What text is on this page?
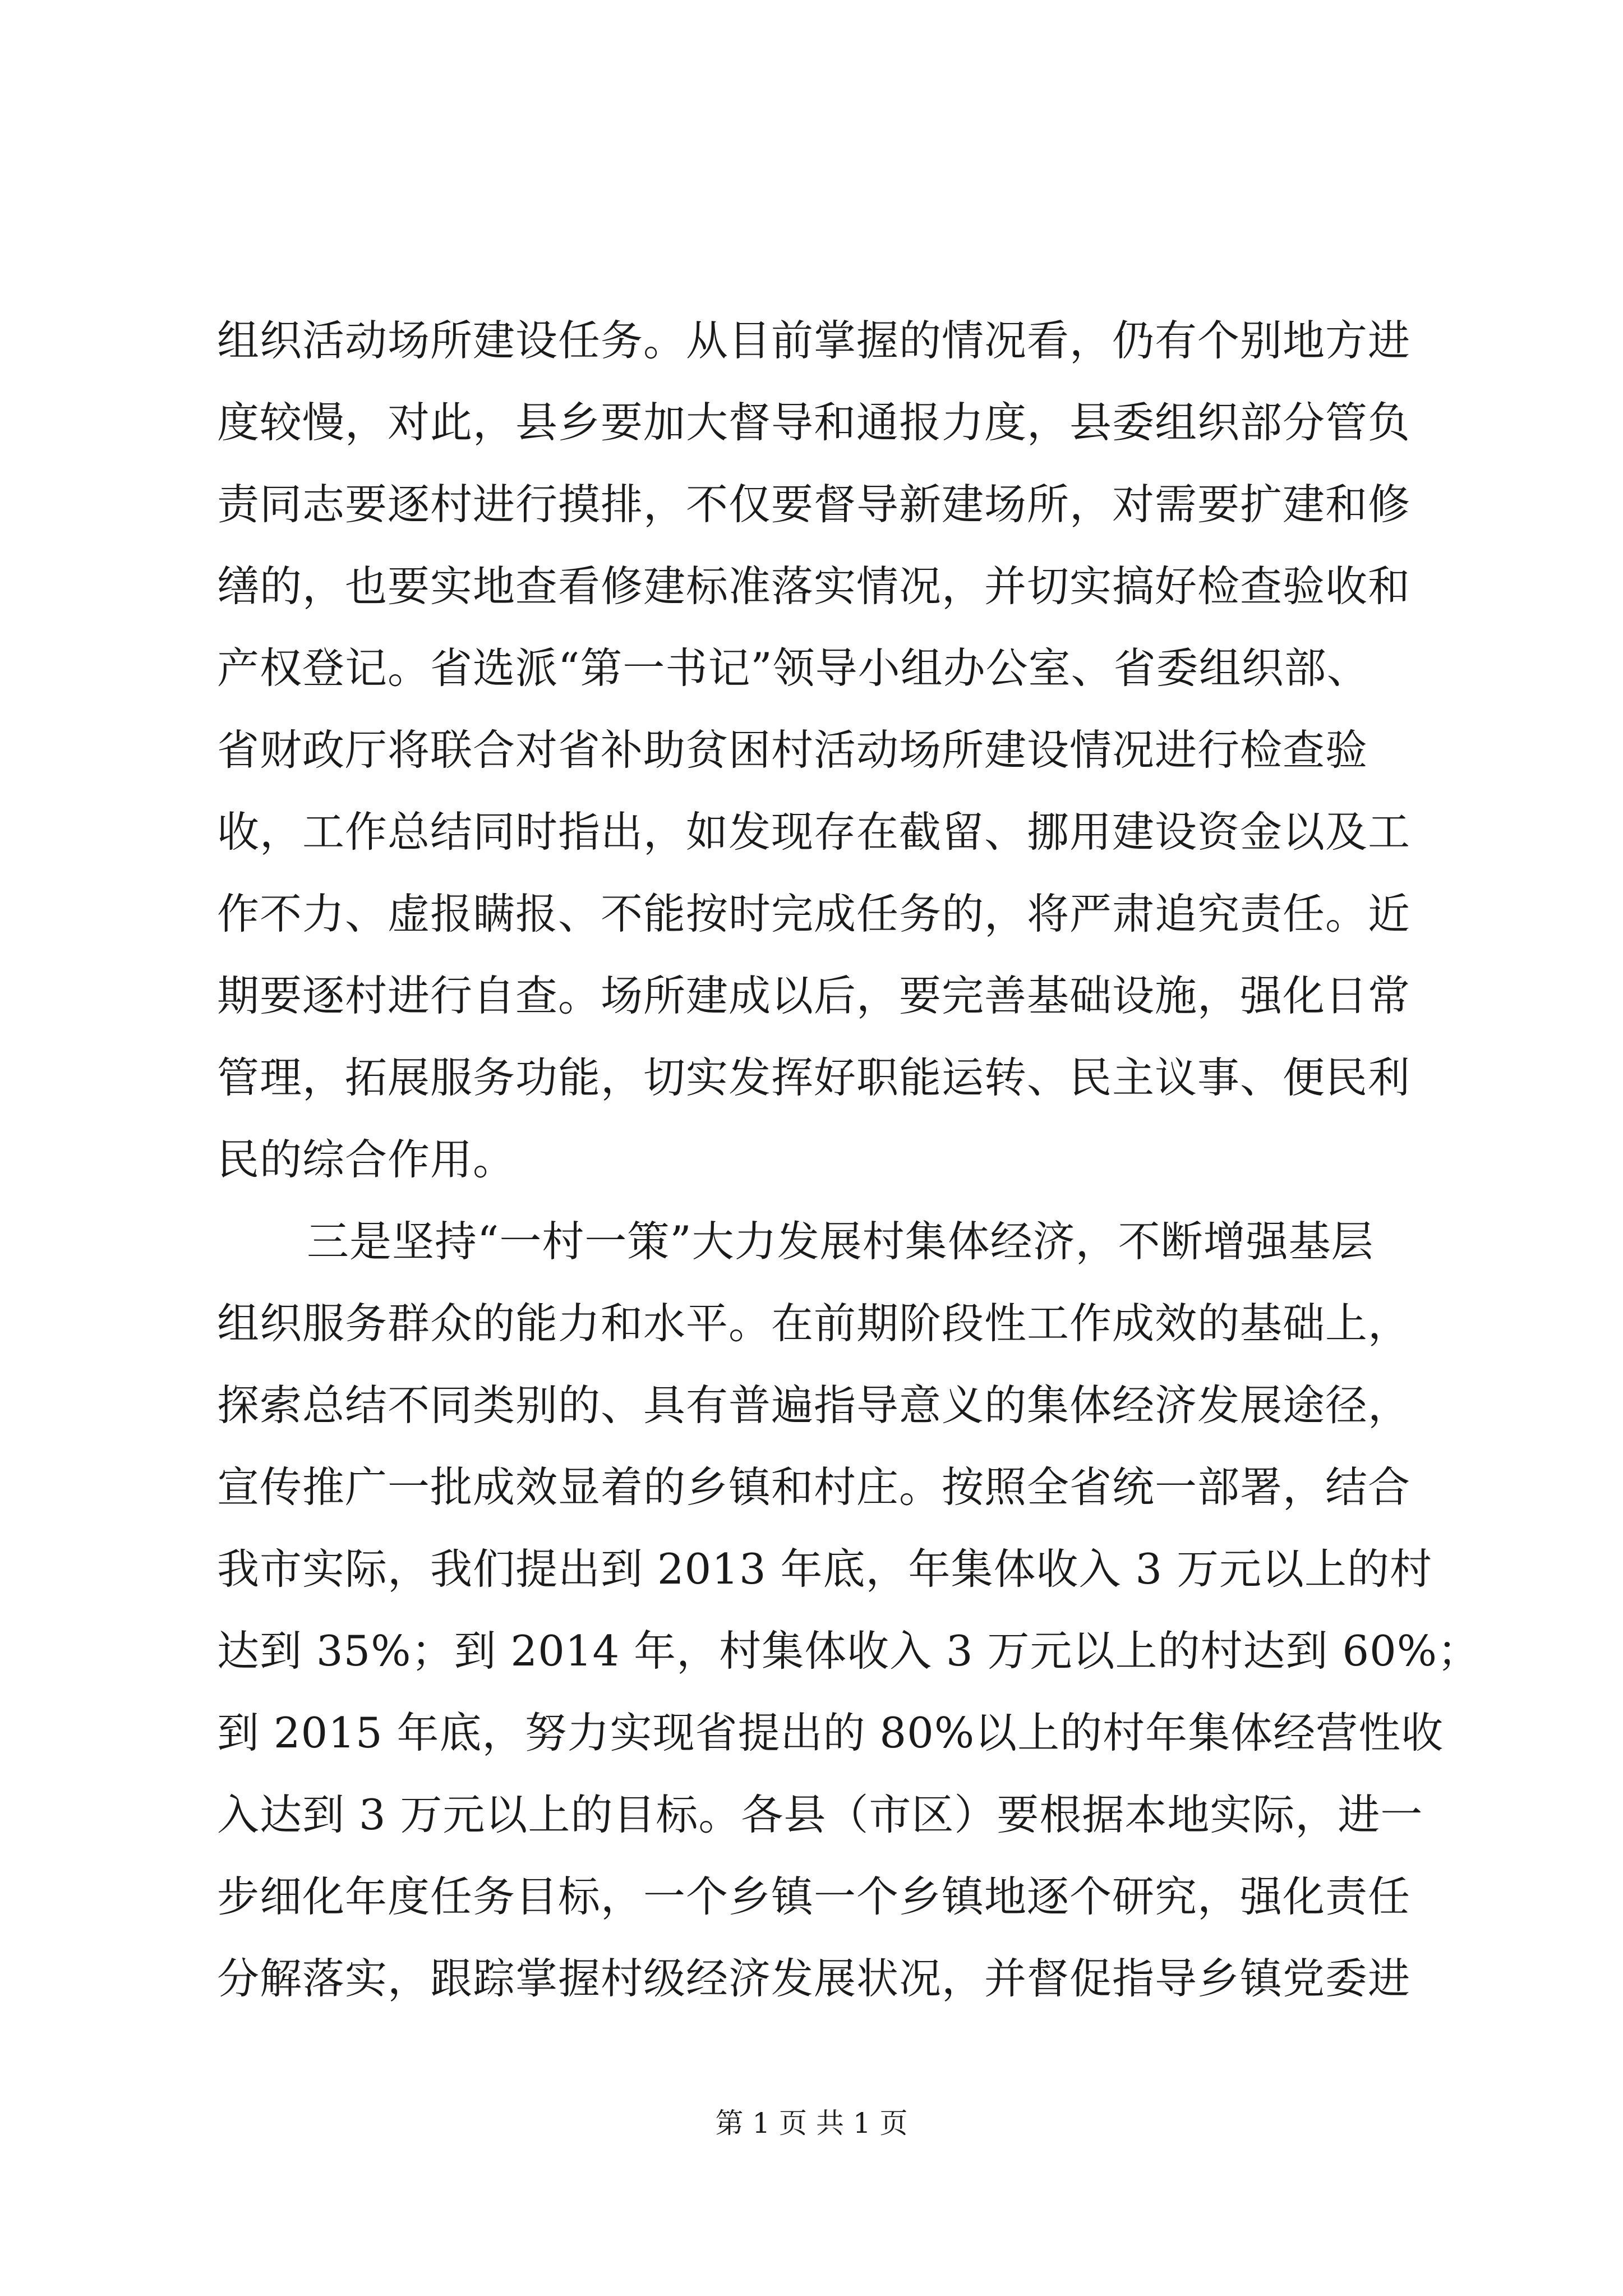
组织活动场所建设任务。从目前掌握的情况看，仍有个别地方进
度较慢，对此，县乡要加大督导和通报力度，县委组织部分管负
责同志要逐村进行摸排，不仅要督导新建场所，对需要扩建和修
缮的，也要实地查看修建标准落实情况，并切实搞好检查验收和
产权登记。省选派“第一书记”领导小组办公室、省委组织部、
省财政厅将联合对省补助贫困村活动场所建设情况进行检查验
收，工作总结同时指出，如发现存在截留、挪用建设资金以及工
作不力、虚报瞒报、不能按时完成任务的，将严肃追究责任。近
期要逐村进行自查。场所建成以后，要完善基础设施，强化日常
管理，拓展服务功能，切实发挥好职能运转、民主议事、便民利
民的综合作用。
三是坚持“一村一策”大力发展村集体经济，不断增强基层
组织服务群众的能力和水平。在前期阶段性工作成效的基础上，
探索总结不同类别的、具有普遍指导意义的集体经济发展途径，
宣传推广一批成效显着的乡镇和村庄。按照全省统一部署，结合
我市实际，我们提出到 2013 年底，年集体收入 3 万元以上的村
达到 35%；到 2014 年，村集体收入 3 万元以上的村达到 60%；
到 2015 年底，努力实现省提出的 80%以上的村年集体经营性收
入达到 3 万元以上的目标。各县（市区）要根据本地实际，进一
步细化年度任务目标，一个乡镇一个乡镇地逐个研究，强化责任
分解落实，跟踪掌握村级经济发展状况，并督促指导乡镇党委进
第 1 页 共 1 页
